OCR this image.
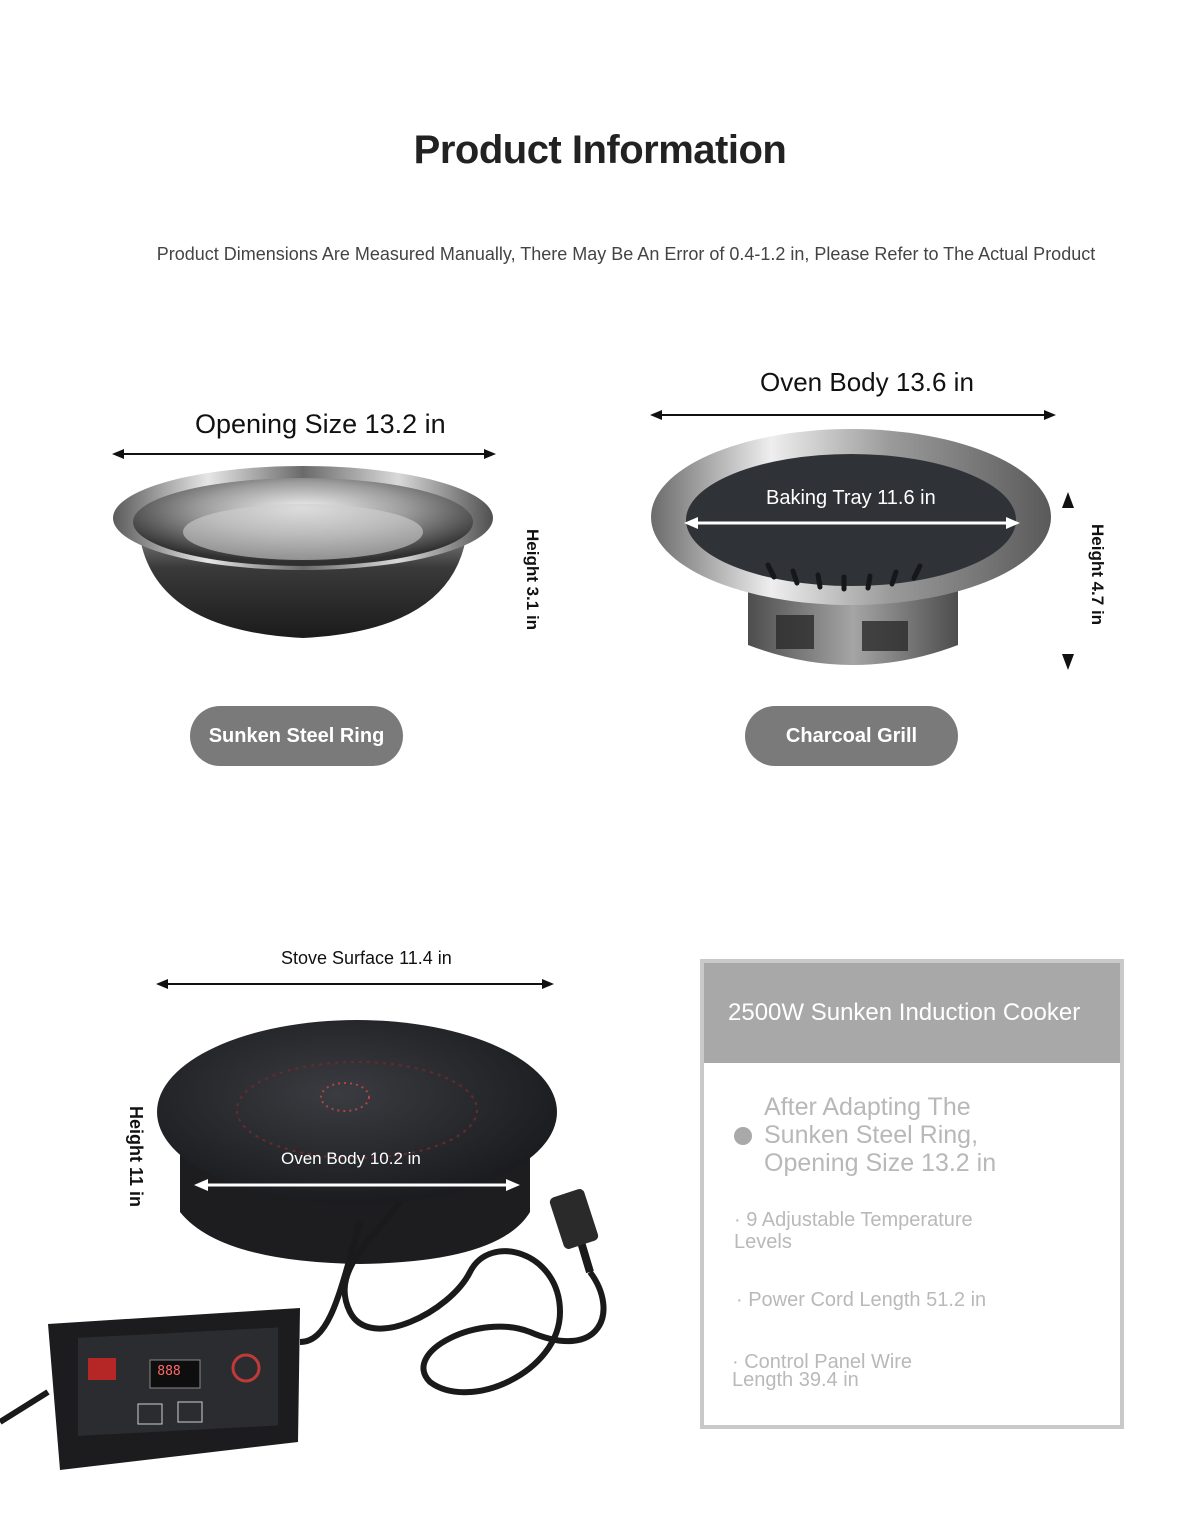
Product Information
Product Dimensions Are Measured Manually, There May Be An Error of 0.4-1.2 in, Please Refer to The Actual Product
Opening Size 13.2 in
Height 3.1 in
Sunken Steel Ring
Oven Body 13.6 in
Baking Tray 11.6 in
Height 4.7 in
Charcoal Grill
Stove Surface 11.4 in
888
Oven Body 10.2 in
Height 11 in
2500W Sunken Induction Cooker
After Adapting The Sunken Steel Ring, Opening Size 13.2 in
· 9 Adjustable Temperature Levels
· Power Cord Length 51.2 in
· Control Panel Wire Length 39.4 in
